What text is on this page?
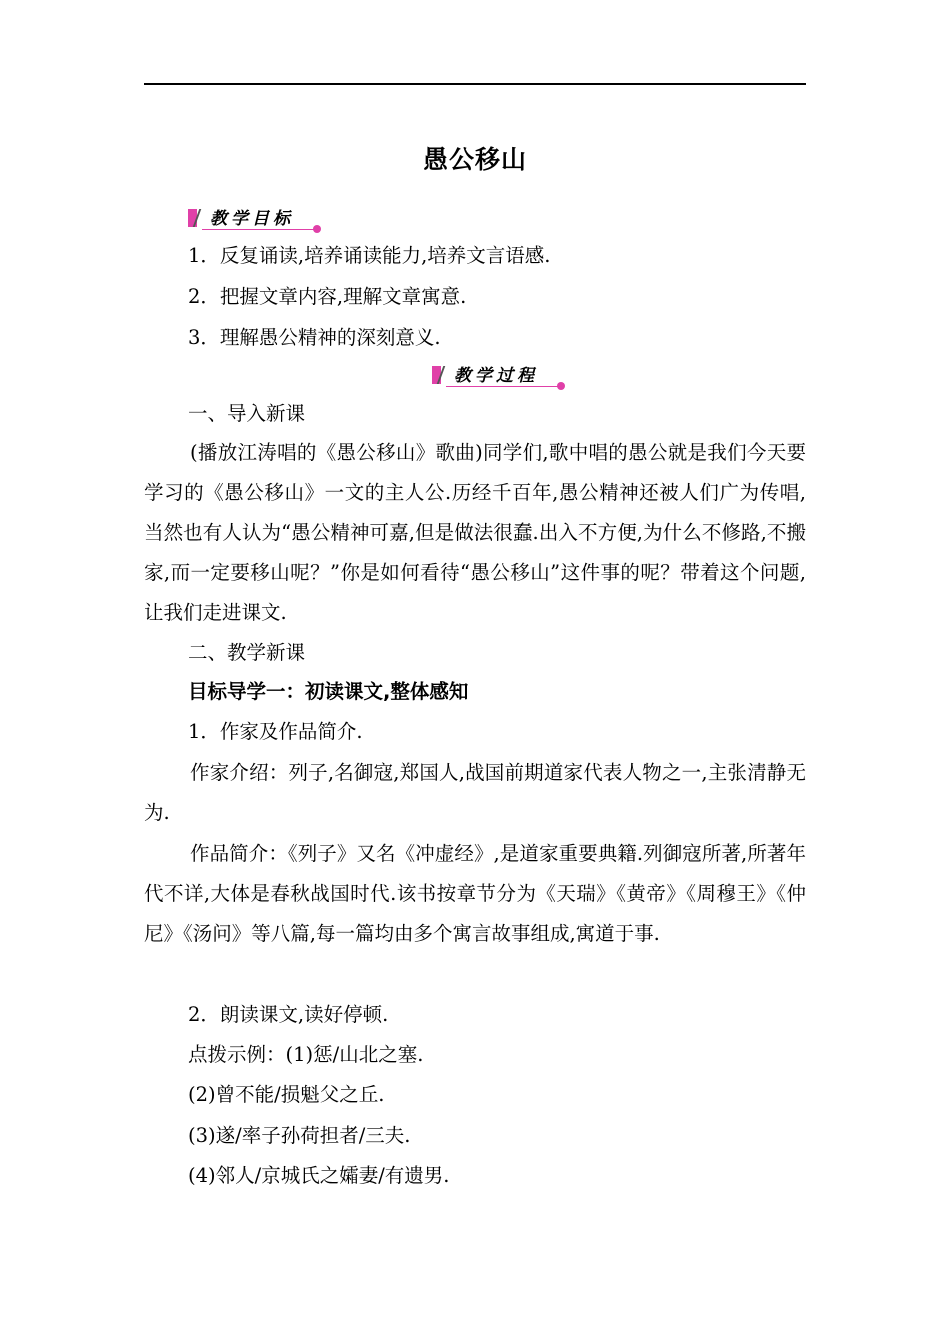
愚公移山
教学目标
1．反复诵读,培养诵读能力,培养文言语感.
2．把握文章内容,理解文章寓意.
3．理解愚公精神的深刻意义.
教学过程
一、导入新课
(播放江涛唱的《愚公移山》歌曲)同学们,歌中唱的愚公就是我们今天要学习的《愚公移山》一文的主人公.历经千百年,愚公精神还被人们广为传唱,当然也有人认为“愚公精神可嘉,但是做法很蠢.出入不方便,为什么不修路,不搬家,而一定要移山呢？”你是如何看待“愚公移山”这件事的呢？带着这个问题,让我们走进课文.
二、教学新课
目标导学一：初读课文,整体感知
1．作家及作品简介.
作家介绍：列子,名御寇,郑国人,战国前期道家代表人物之一,主张清静无为.
作品简介：《列子》又名《冲虚经》,是道家重要典籍.列御寇所著,所著年代不详,大体是春秋战国时代.该书按章节分为《天瑞》《黄帝》《周穆王》《仲尼》《汤问》等八篇,每一篇均由多个寓言故事组成,寓道于事.
2．朗读课文,读好停顿.
点拨示例：(1)惩/山北之塞.
(2)曾不能/损魁父之丘.
(3)遂/率子孙荷担者/三夫.
(4)邻人/京城氏之孀妻/有遗男.
